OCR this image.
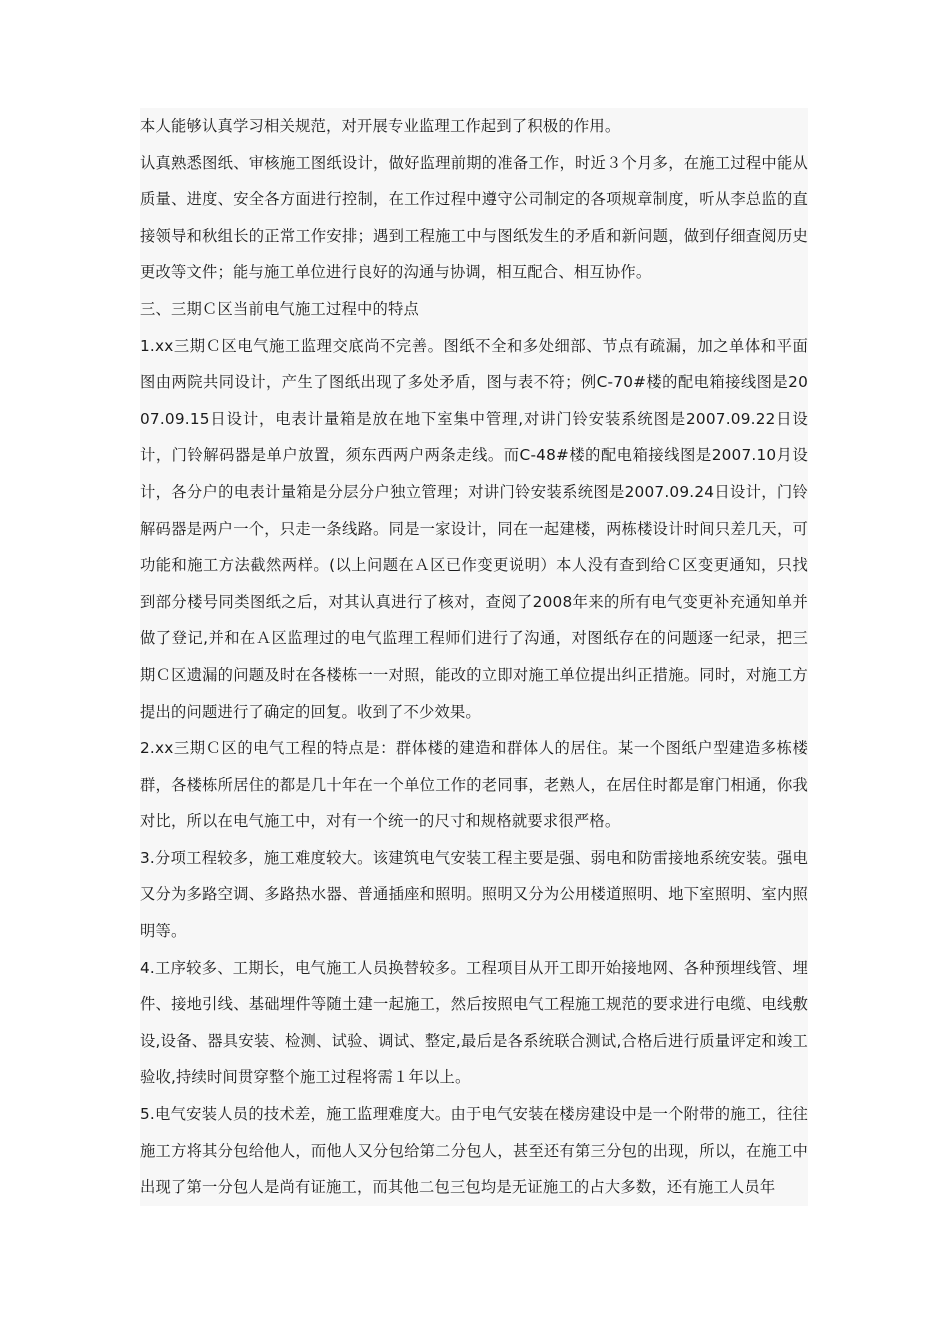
本人能够认真学习相关规范，对开展专业监理工作起到了积极的作用。

认真熟悉图纸、审核施工图纸设计，做好监理前期的准备工作，时近３个月多，在施工过程中能从质量、进度、安全各方面进行控制，在工作过程中遵守公司制定的各项规章制度，听从李总监的直接领导和秋组长的正常工作安排；遇到工程施工中与图纸发生的矛盾和新问题，做到仔细查阅历史更改等文件；能与施工单位进行良好的沟通与协调，相互配合、相互协作。

三、三期Ｃ区当前电气施工过程中的特点

1.xx三期Ｃ区电气施工监理交底尚不完善。图纸不全和多处细部、节点有疏漏，加之单体和平面图由两院共同设计，产生了图纸出现了多处矛盾，图与表不符；例C-70#楼的配电箱接线图是2007.09.15日设计，电表计量箱是放在地下室集中管理,对讲门铃安装系统图是2007.09.22日设计，门铃解码器是单户放置，须东西两户两条走线。而C-48#楼的配电箱接线图是2007.10月设计，各分户的电表计量箱是分层分户独立管理；对讲门铃安装系统图是2007.09.24日设计，门铃解码器是两户一个，只走一条线路。同是一家设计，同在一起建楼，两栋楼设计时间只差几天，可功能和施工方法截然两样。(以上问题在Ａ区已作变更说明）本人没有查到给Ｃ区变更通知，只找到部分楼号同类图纸之后，对其认真进行了核对，查阅了2008年来的所有电气变更补充通知单并做了登记,并和在Ａ区监理过的电气监理工程师们进行了沟通，对图纸存在的问题逐一纪录，把三期Ｃ区遗漏的问题及时在各楼栋一一对照，能改的立即对施工单位提出纠正措施。同时，对施工方提出的问题进行了确定的回复。收到了不少效果。

2.xx三期Ｃ区的电气工程的特点是：群体楼的建造和群体人的居住。某一个图纸户型建造多栋楼群，各楼栋所居住的都是几十年在一个单位工作的老同事，老熟人，在居住时都是窜门相通，你我对比，所以在电气施工中，对有一个统一的尺寸和规格就要求很严格。

3.分项工程较多，施工难度较大。该建筑电气安装工程主要是强、弱电和防雷接地系统安装。强电又分为多路空调、多路热水器、普通插座和照明。照明又分为公用楼道照明、地下室照明、室内照明等。

4.工序较多、工期长，电气施工人员换替较多。工程项目从开工即开始接地网、各种预埋线管、埋件、接地引线、基础埋件等随土建一起施工，然后按照电气工程施工规范的要求进行电缆、电线敷设,设备、器具安装、检测、试验、调试、整定,最后是各系统联合测试,合格后进行质量评定和竣工验收,持续时间贯穿整个施工过程将需１年以上。

5.电气安装人员的技术差，施工监理难度大。由于电气安装在楼房建设中是一个附带的施工，往往施工方将其分包给他人，而他人又分包给第二分包人，甚至还有第三分包的出现，所以，在施工中出现了第一分包人是尚有证施工，而其他二包三包均是无证施工的占大多数，还有施工人员年
